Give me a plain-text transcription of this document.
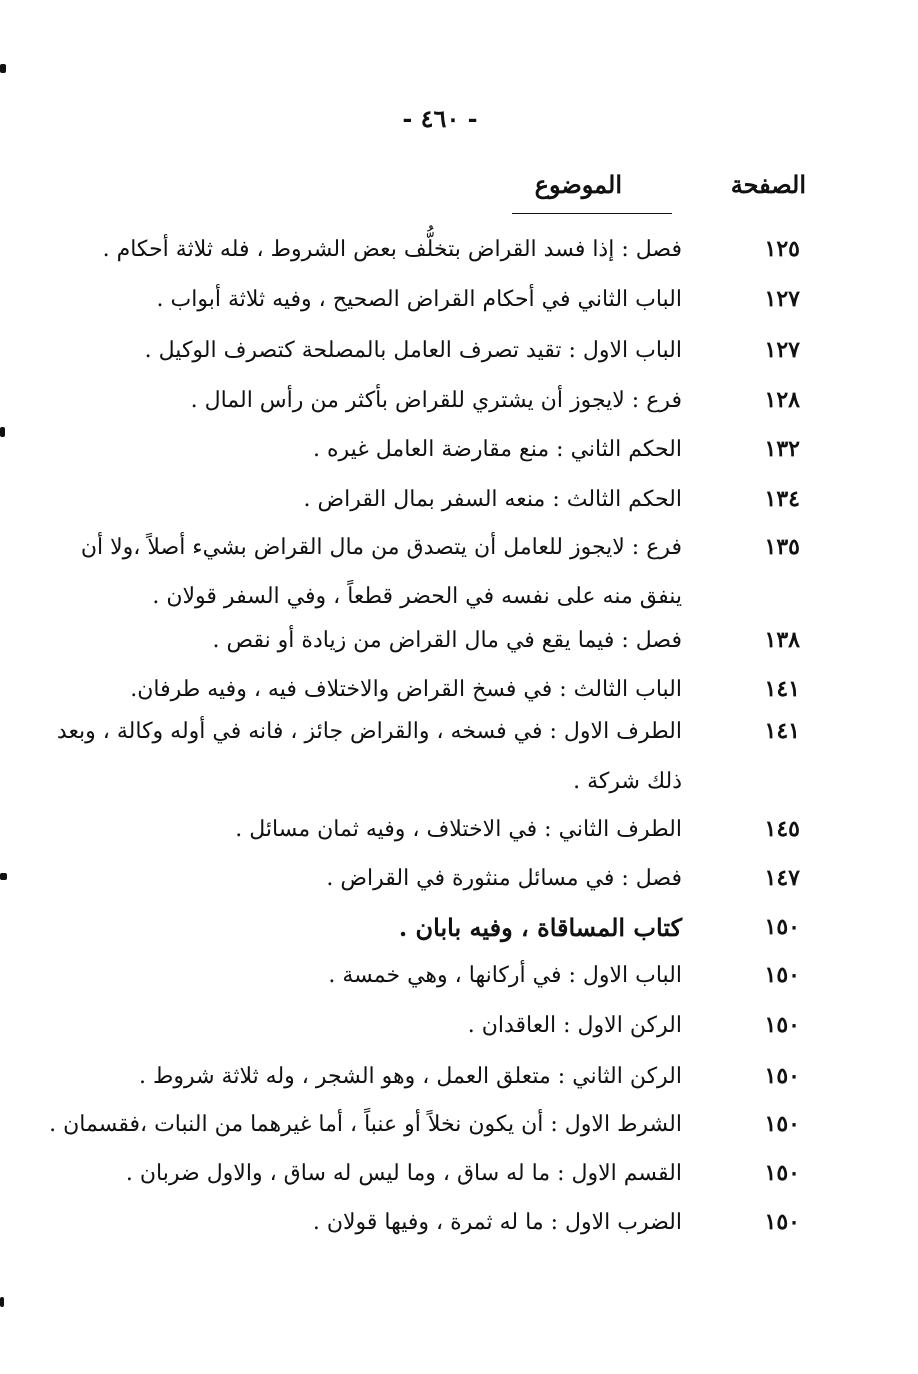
- ٤٦٠ -
الصفحة
الموضوع
١٢٥
فصل : إذا فسد القراض بتخلُّف بعض الشروط ، فله ثلاثة أحكام .
١٢٧
الباب الثاني في أحكام القراض الصحيح ، وفيه ثلاثة أبواب .
١٢٧
الباب الاول : تقيد تصرف العامل بالمصلحة كتصرف الوكيل .
١٢٨
فرع : لايجوز أن يشتري للقراض بأكثر من رأس المال .
١٣٢
الحكم الثاني : منع مقارضة العامل غيره .
١٣٤
الحكم الثالث : منعه السفر بمال القراض .
١٣٥
فرع : لايجوز للعامل أن يتصدق من مال القراض بشيء أصلاً ،ولا أن
ينفق منه على نفسه في الحضر قطعاً ، وفي السفر قولان .
١٣٨
فصل : فيما يقع في مال القراض من زيادة أو نقص .
١٤١
الباب الثالث : في فسخ القراض والاختلاف فيه ، وفيه طرفان.
١٤١
الطرف الاول : في فسخه ، والقراض جائز ، فانه في أوله وكالة ، وبعد
ذلك شركة .
١٤٥
الطرف الثاني : في الاختلاف ، وفيه ثمان مسائل .
١٤٧
فصل : في مسائل منثورة في القراض .
١٥٠
كتاب المساقاة ، وفيه بابان .
١٥٠
الباب الاول : في أركانها ، وهي خمسة .
١٥٠
الركن الاول : العاقدان .
١٥٠
الركن الثاني : متعلق العمل ، وهو الشجر ، وله ثلاثة شروط .
١٥٠
الشرط الاول : أن يكون نخلاً أو عنباً ، أما غيرهما من النبات ،فقسمان .
١٥٠
القسم الاول : ما له ساق ، وما ليس له ساق ، والاول ضربان .
١٥٠
الضرب الاول : ما له ثمرة ، وفيها قولان .
